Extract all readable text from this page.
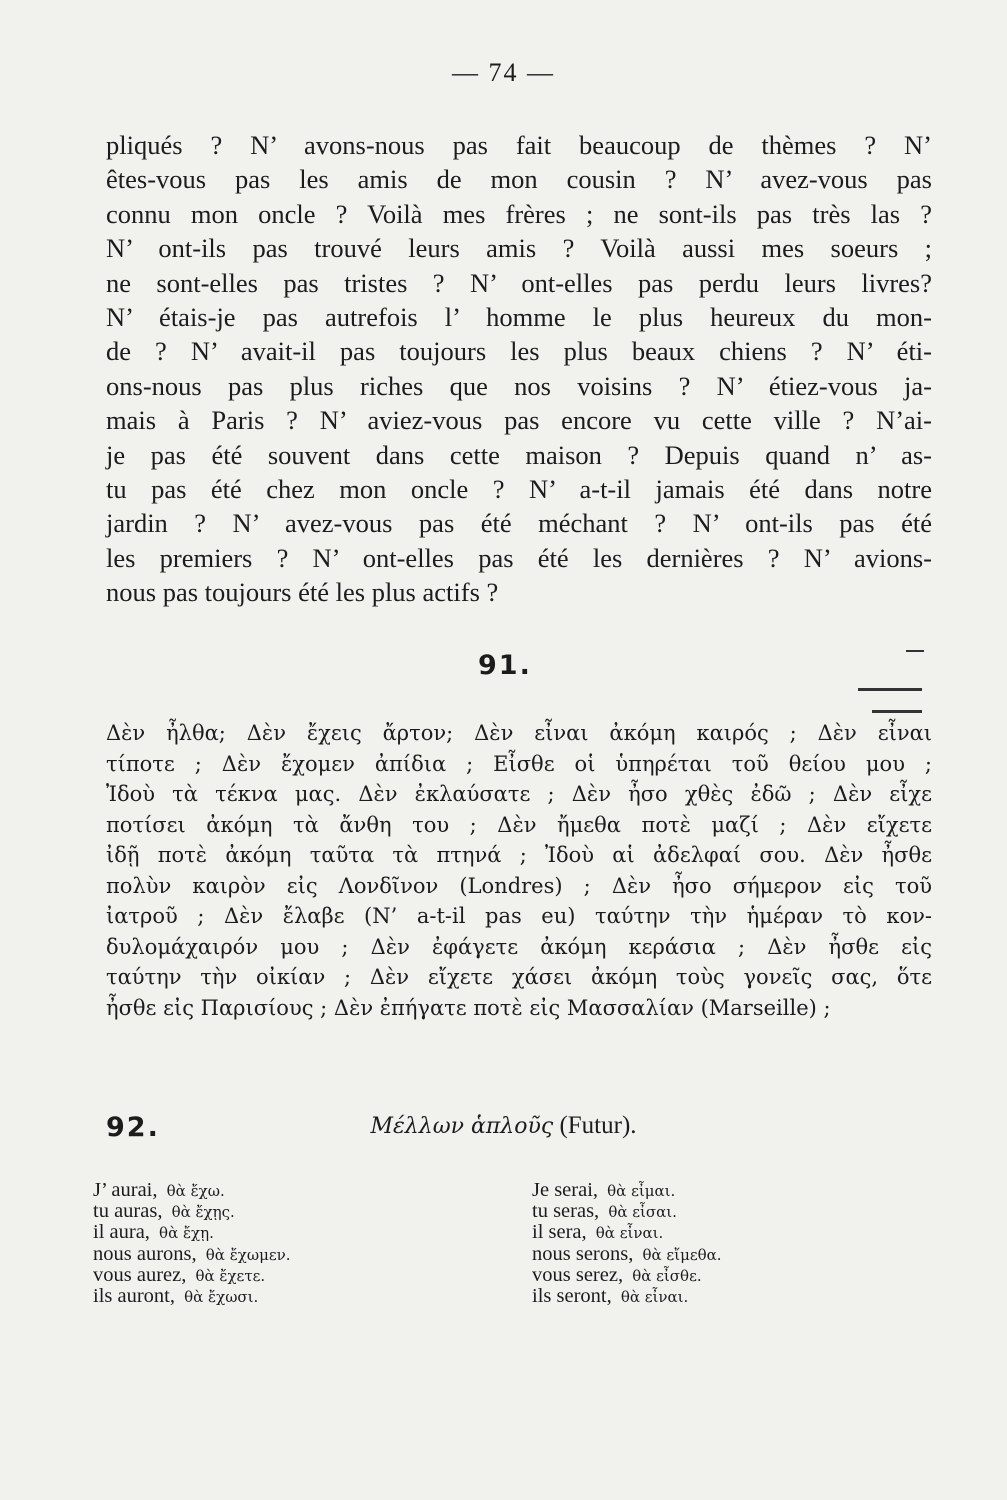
— 74 —
pliqués ? N’ avons-nous pas fait beaucoup de thèmes ? N’
êtes-vous pas les amis de mon cousin ? N’ avez-vous pas
connu mon oncle ? Voilà mes frères ; ne sont-ils pas très las ?
N’ ont-ils pas trouvé leurs amis ? Voilà aussi mes soeurs ;
ne sont-elles pas tristes ? N’ ont-elles pas perdu leurs livres?
N’ étais-je pas autrefois l’ homme le plus heureux du mon-
de ? N’ avait-il pas toujours les plus beaux chiens ? N’ éti-
ons-nous pas plus riches que nos voisins ? N’ étiez-vous ja-
mais à Paris ? N’ aviez-vous pas encore vu cette ville ? N’ai-
je pas été souvent dans cette maison ? Depuis quand n’ as-
tu pas été chez mon oncle ? N’ a-t-il jamais été dans notre
jardin ? N’ avez-vous pas été méchant ? N’ ont-ils pas été
les premiers ? N’ ont-elles pas été les dernières ? N’ avions-
nous pas toujours été les plus actifs ?
91.
Δὲν ἦλθα; Δὲν ἔχεις ἄρτον; Δὲν εἶναι ἀκόμη καιρός ; Δὲν εἶναι
τίποτε ; Δὲν ἔχομεν ἀπίδια ; Εἶσθε οἱ ὑπηρέται τοῦ θείου μου ;
Ἰδοὺ τὰ τέκνα μας. Δὲν ἐκλαύσατε ; Δὲν ἦσο χθὲς ἐδῶ ; Δὲν εἶχε
ποτίσει ἀκόμη τὰ ἄνθη του ; Δὲν ἤμεθα ποτὲ μαζί ; Δὲν εἴχετε
ἰδῇ ποτὲ ἀκόμη ταῦτα τὰ πτηνά ; Ἰδοὺ αἱ ἀδελφαί σου. Δὲν ἦσθε
πολὺν καιρὸν εἰς Λονδῖνον (Londres) ; Δὲν ἦσο σήμερον εἰς τοῦ
ἰατροῦ ; Δὲν ἔλαβε (N’ a-t-il pas eu) ταύτην τὴν ἡμέραν τὸ κον-
δυλομάχαιρόν μου ; Δὲν ἐφάγετε ἀκόμη κεράσια ; Δὲν ἦσθε εἰς
ταύτην τὴν οἰκίαν ; Δὲν εἴχετε χάσει ἀκόμη τοὺς γονεῖς σας, ὅτε
ἦσθε εἰς Παρισίους ; Δὲν ἐπήγατε ποτὲ εἰς Μασσαλίαν (Marseille) ;
92.	Μέλλων ἁπλοῦς (Futur).
J’ aurai, θὰ ἔχω.
tu auras, θὰ ἔχῃς.
il aura, θὰ ἔχῃ.
nous aurons, θὰ ἔχωμεν.
vous aurez, θὰ ἔχετε.
ils auront, θὰ ἔχωσι.
Je serai, θὰ εἶμαι.
tu seras, θὰ εἶσαι.
il sera, θὰ εἶναι.
nous serons, θὰ εἴμεθα.
vous serez, θὰ εἶσθε.
ils seront, θὰ εἶναι.
